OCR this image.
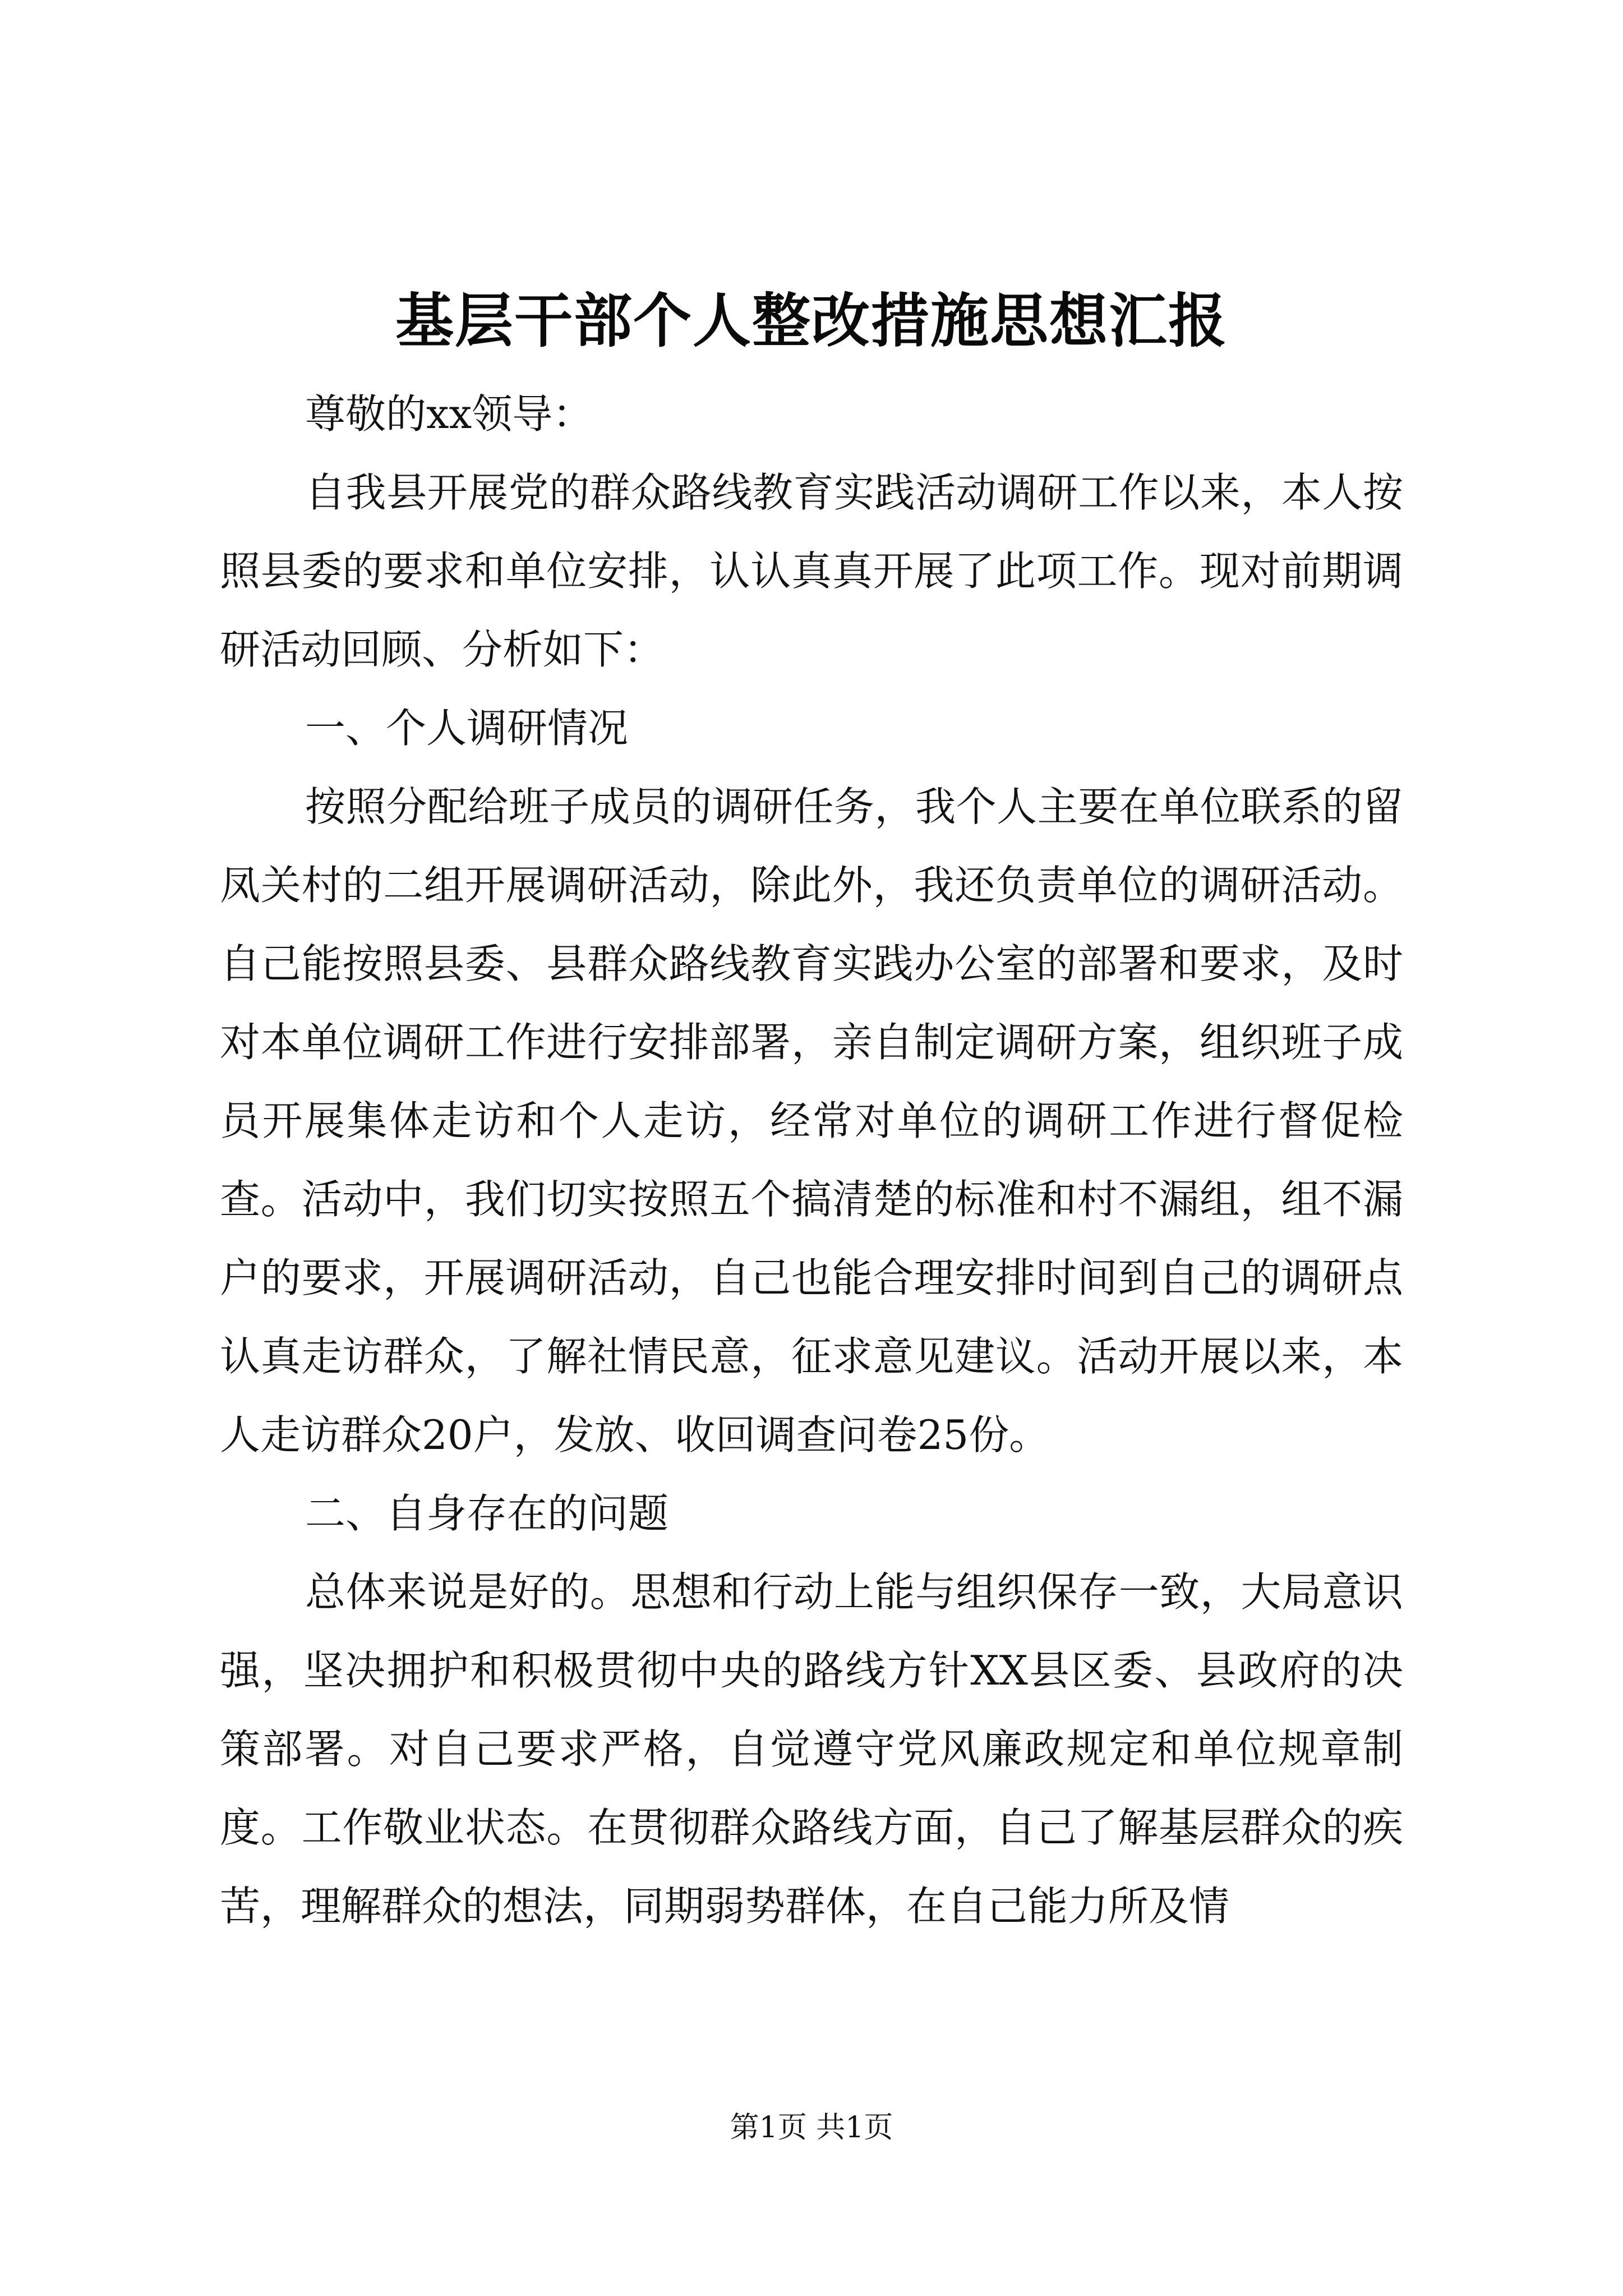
基层干部个人整改措施思想汇报

尊敬的xx领导：

自我县开展党的群众路线教育实践活动调研工作以来，本人按照县委的要求和单位安排，认认真真开展了此项工作。现对前期调研活动回顾、分析如下：

一、个人调研情况

按照分配给班子成员的调研任务，我个人主要在单位联系的留凤关村的二组开展调研活动，除此外，我还负责单位的调研活动。自己能按照县委、县群众路线教育实践办公室的部署和要求，及时对本单位调研工作进行安排部署，亲自制定调研方案，组织班子成员开展集体走访和个人走访，经常对单位的调研工作进行督促检查。活动中，我们切实按照五个搞清楚的标准和村不漏组，组不漏户的要求，开展调研活动，自己也能合理安排时间到自己的调研点认真走访群众，了解社情民意，征求意见建议。活动开展以来，本人走访群众20户，发放、收回调查问卷25份。

二、自身存在的问题

总体来说是好的。思想和行动上能与组织保存一致，大局意识强，坚决拥护和积极贯彻中央的路线方针XX县区委、县政府的决策部署。对自己要求严格，自觉遵守党风廉政规定和单位规章制度。工作敬业状态。在贯彻群众路线方面，自己了解基层群众的疾苦，理解群众的想法，同期弱势群体，在自己能力所及情

第1页 共1页
